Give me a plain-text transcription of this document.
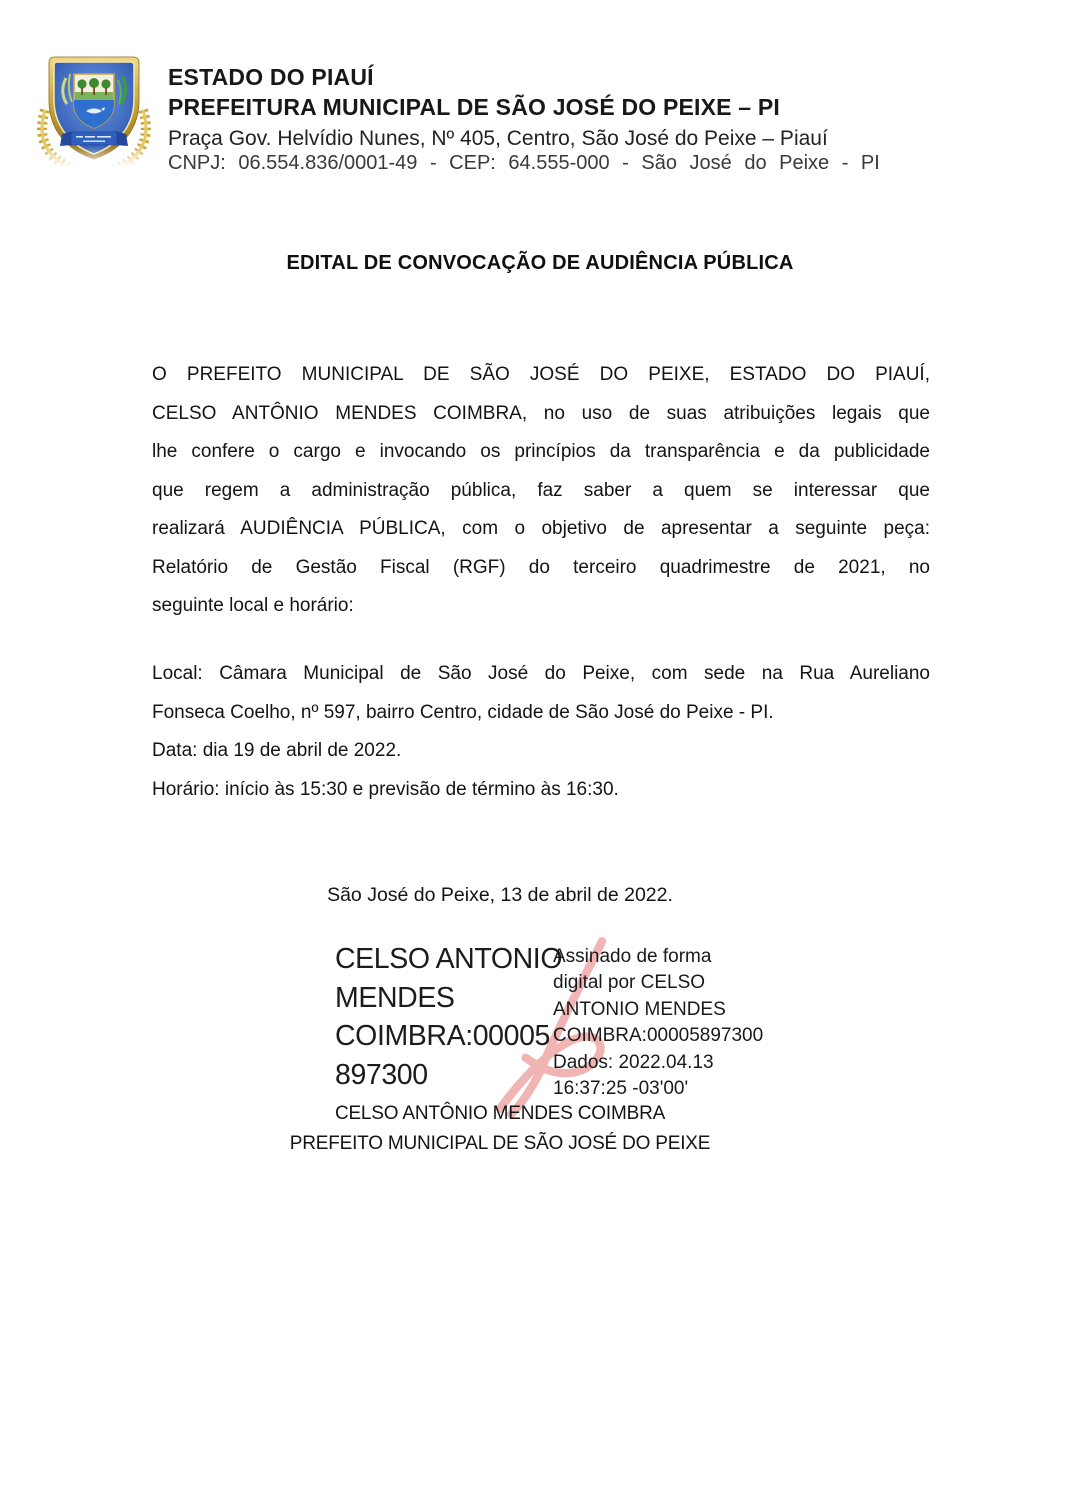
ESTADO DO PIAUÍ
PREFEITURA MUNICIPAL DE SÃO JOSÉ DO PEIXE – PI
Praça Gov. Helvídio Nunes, Nº 405, Centro, São José do Peixe – Piauí
CNPJ: 06.554.836/0001-49 - CEP: 64.555-000 - São José do Peixe - PI
EDITAL DE CONVOCAÇÃO DE AUDIÊNCIA PÚBLICA
O PREFEITO MUNICIPAL DE SÃO JOSÉ DO PEIXE, ESTADO DO PIAUÍ,
CELSO ANTÔNIO MENDES COIMBRA, no uso de suas atribuições legais que
lhe confere o cargo e invocando os princípios da transparência e da publicidade
que regem a administração pública, faz saber a quem se interessar que
realizará AUDIÊNCIA PÚBLICA, com o objetivo de apresentar a seguinte peça:
Relatório de Gestão Fiscal (RGF) do terceiro quadrimestre de 2021, no
seguinte local e horário:
Local: Câmara Municipal de São José do Peixe, com sede na Rua Aureliano
Fonseca Coelho, nº 597, bairro Centro, cidade de São José do Peixe - PI.
Data: dia 19 de abril de 2022.
Horário: início às 15:30 e previsão de término às 16:30.
São José do Peixe, 13 de abril de 2022.
CELSO ANTONIO
MENDES
COIMBRA:00005
897300
Assinado de forma
digital por CELSO
ANTONIO MENDES
COIMBRA:00005897300
Dados: 2022.04.13
16:37:25 -03'00'
CELSO ANTÔNIO MENDES COIMBRA
PREFEITO MUNICIPAL DE SÃO JOSÉ DO PEIXE
